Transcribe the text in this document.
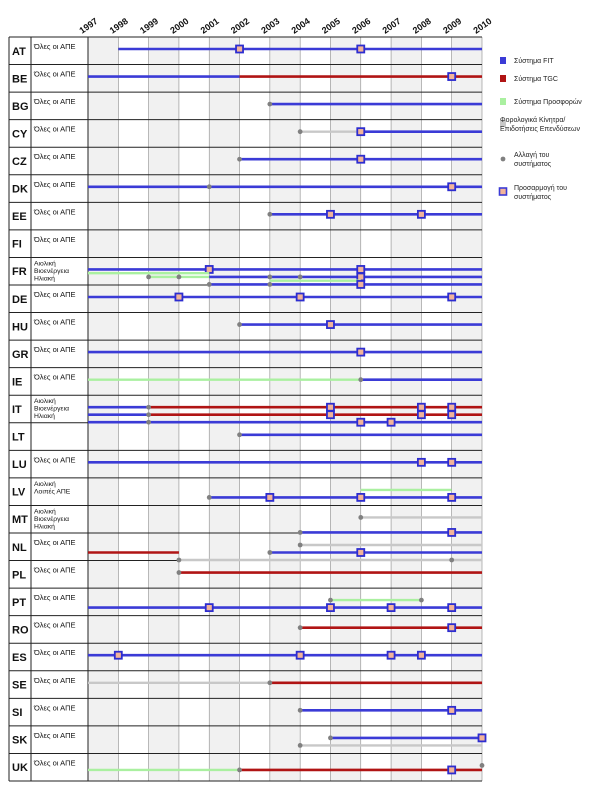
1997 1998 1999 2000 2001 2002 2003 2004 2005 2006 2007 2008 2009 2010
AT Όλες οι ΑΠΕ
BE Όλες οι ΑΠΕ
BG Όλες οι ΑΠΕ
CY Όλες οι ΑΠΕ
CZ Όλες οι ΑΠΕ
DK Όλες οι ΑΠΕ
EE Όλες οι ΑΠΕ
FI Όλες οι ΑΠΕ
FR
Αιολική
Βιοενέργεια
Ηλιακή
DE Όλες οι ΑΠΕ
HU Όλες οι ΑΠΕ
GR Όλες οι ΑΠΕ
IE Όλες οι ΑΠΕ
IT
Αιολική
Βιοενέργεια
Ηλιακή
LT
LU Όλες οι ΑΠΕ
LV
Αιολική
Λοιπές ΑΠΕ
MT
Αιολική
Βιοενέργεια
Ηλιακή
NL Όλες οι ΑΠΕ
PL Όλες οι ΑΠΕ
PT Όλες οι ΑΠΕ
RO Όλες οι ΑΠΕ
ES Όλες οι ΑΠΕ
SE Όλες οι ΑΠΕ
SI Όλες οι ΑΠΕ
SK Όλες οι ΑΠΕ
UK Όλες οι ΑΠΕ
Σύστημα FIT
Σύστημα TGC
Σύστημα Προσφορών
Φορολογικά Κίνητρα/ Επιδοτήσεις Επενδύσεων
Αλλαγή του συστήματος
Προσαρμογή του συστήματος
